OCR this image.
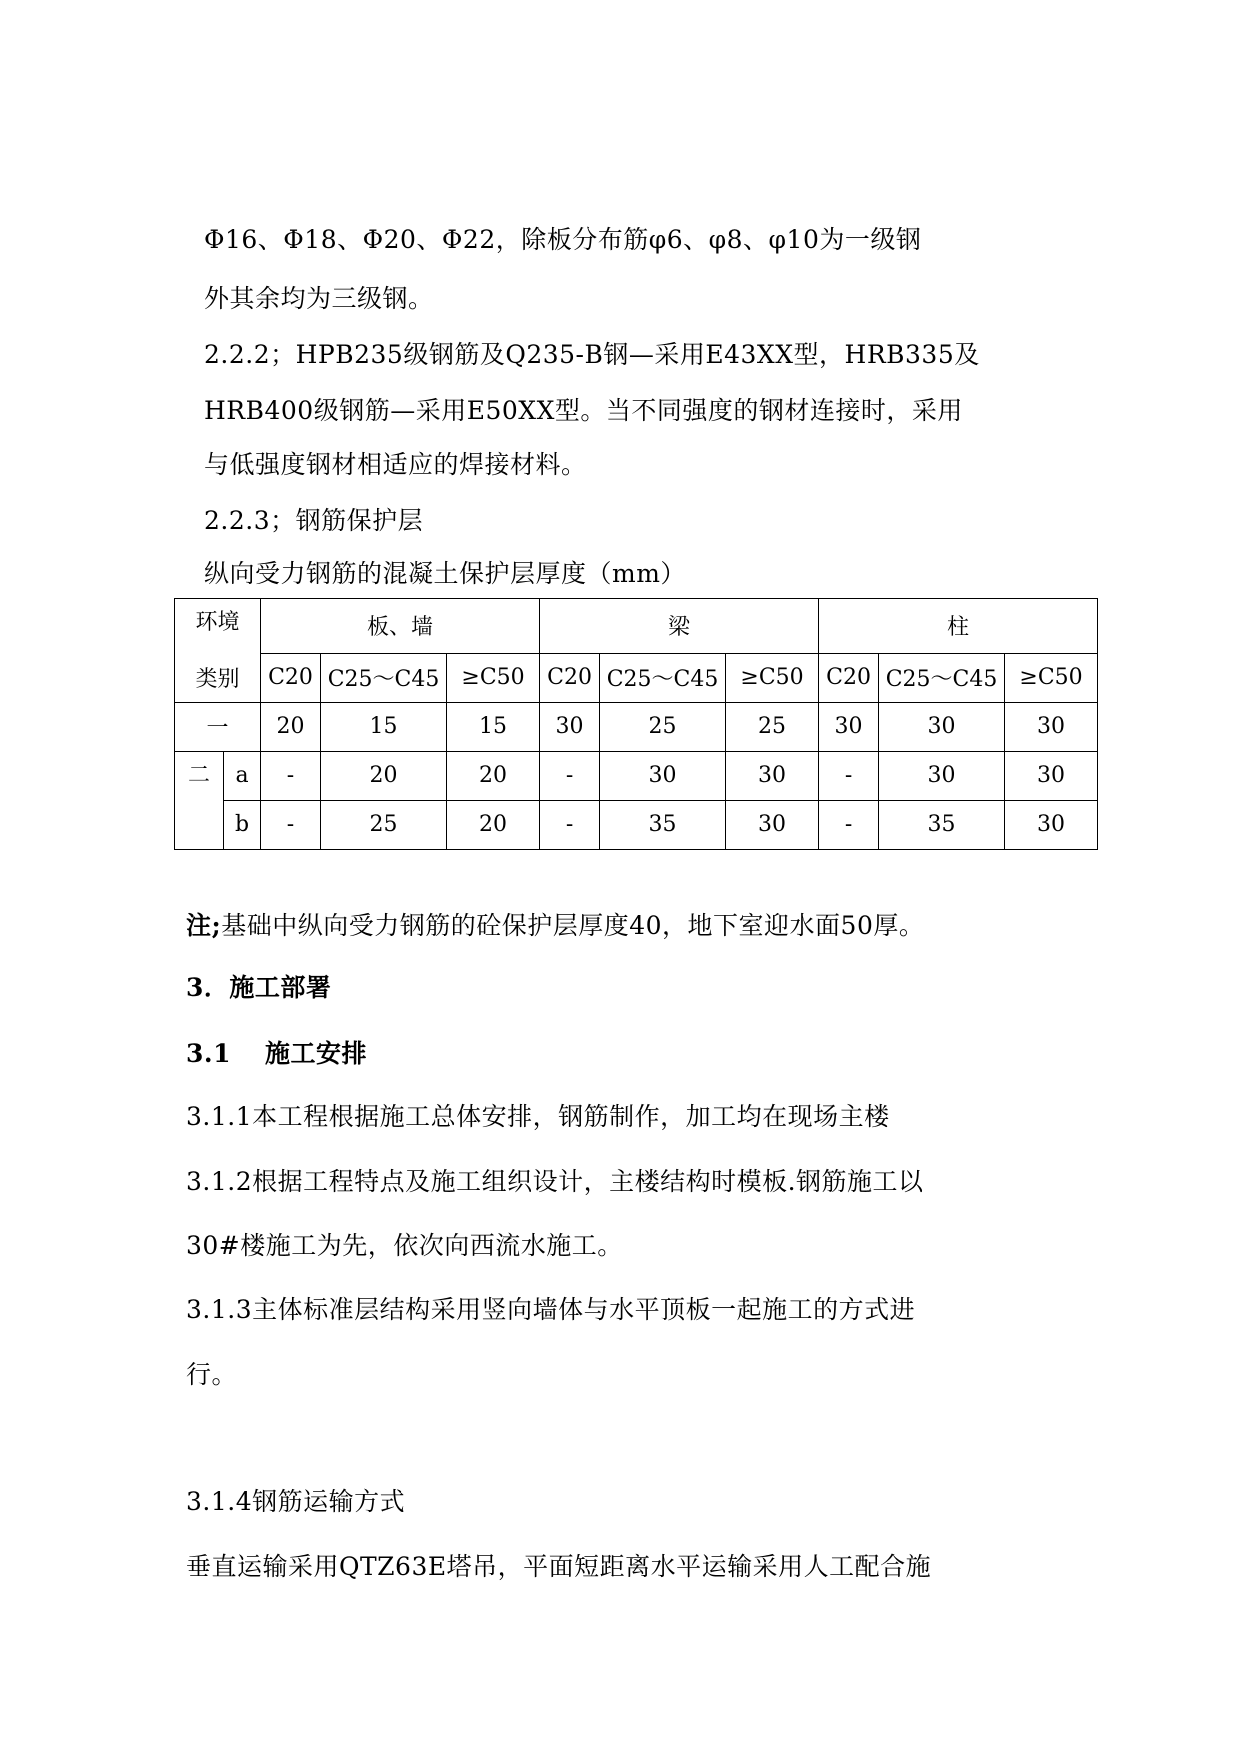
Φ16、Φ18、Φ20、Φ22，除板分布筋φ6、φ8、φ10为一级钢
外其余均为三级钢。
2.2.2；HPB235级钢筋及Q235-B钢—采用E43XX型，HRB335及
HRB400级钢筋—采用E50XX型。当不同强度的钢材连接时，采用
与低强度钢材相适应的焊接材料。
2.2.3；钢筋保护层
纵向受力钢筋的混凝土保护层厚度（mm）
环境		板、墙			梁			柱		
类别		C20	C25～C45	≥C50	C20	C25～C45	≥C50	C20	C25～C45	≥C50
一		20	15	15	30	25	25	30	30	30
二	a	-	20	20	-	30	30	-	30	30
	b	-	25	20	-	35	30	-	35	30
注;基础中纵向受力钢筋的砼保护层厚度40，地下室迎水面50厚。
3．施工部署
3.1 施工安排
3.1.1本工程根据施工总体安排，钢筋制作，加工均在现场主楼
3.1.2根据工程特点及施工组织设计，主楼结构时模板.钢筋施工以
30#楼施工为先，依次向西流水施工。
3.1.3主体标准层结构采用竖向墙体与水平顶板一起施工的方式进
行。
3.1.4钢筋运输方式
垂直运输采用QTZ63E塔吊，平面短距离水平运输采用人工配合施
